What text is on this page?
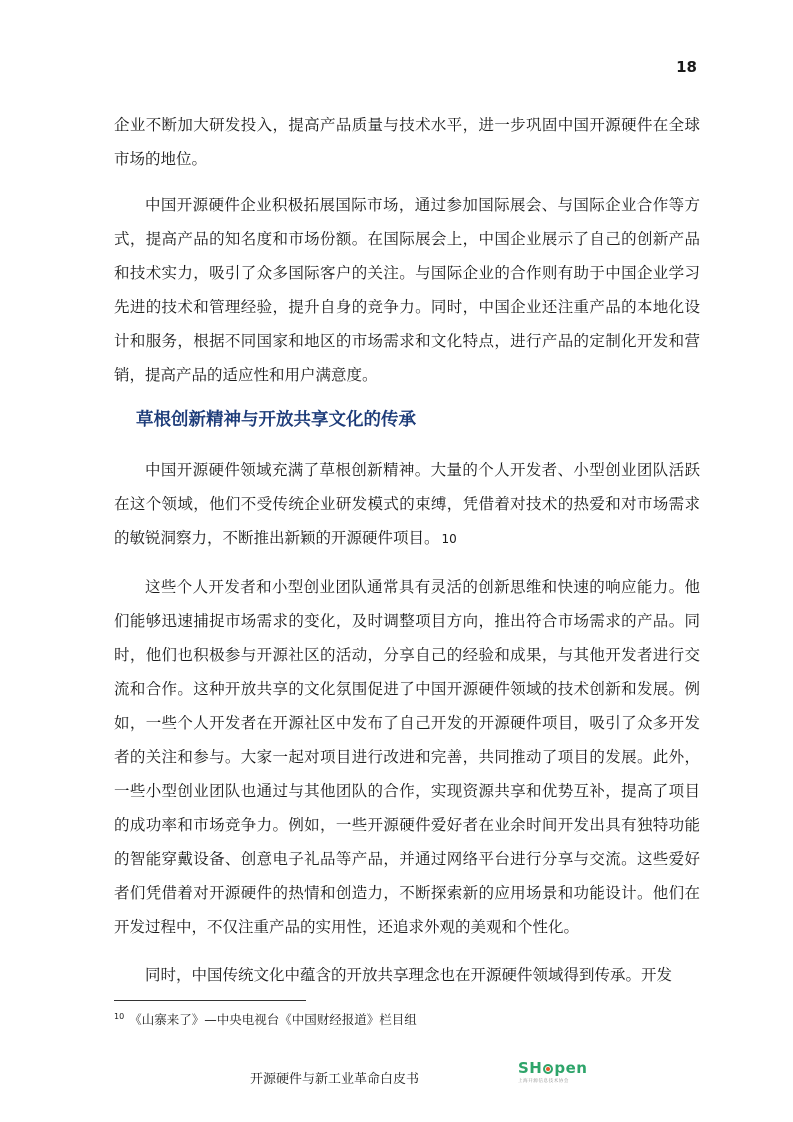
18

企业不断加大研发投入，提高产品质量与技术水平，进一步巩固中国开源硬件在全球市场的地位。

中国开源硬件企业积极拓展国际市场，通过参加国际展会、与国际企业合作等方式，提高产品的知名度和市场份额。在国际展会上，中国企业展示了自己的创新产品和技术实力，吸引了众多国际客户的关注。与国际企业的合作则有助于中国企业学习先进的技术和管理经验，提升自身的竞争力。同时，中国企业还注重产品的本地化设计和服务，根据不同国家和地区的市场需求和文化特点，进行产品的定制化开发和营销，提高产品的适应性和用户满意度。

草根创新精神与开放共享文化的传承

中国开源硬件领域充满了草根创新精神。大量的个人开发者、小型创业团队活跃在这个领域，他们不受传统企业研发模式的束缚，凭借着对技术的热爱和对市场需求的敏锐洞察力，不断推出新颖的开源硬件项目。 10

这些个人开发者和小型创业团队通常具有灵活的创新思维和快速的响应能力。他们能够迅速捕捉市场需求的变化，及时调整项目方向，推出符合市场需求的产品。同时，他们也积极参与开源社区的活动，分享自己的经验和成果，与其他开发者进行交流和合作。这种开放共享的文化氛围促进了中国开源硬件领域的技术创新和发展。例如，一些个人开发者在开源社区中发布了自己开发的开源硬件项目，吸引了众多开发者的关注和参与。大家一起对项目进行改进和完善，共同推动了项目的发展。此外，一些小型创业团队也通过与其他团队的合作，实现资源共享和优势互补，提高了项目的成功率和市场竞争力。例如，一些开源硬件爱好者在业余时间开发出具有独特功能的智能穿戴设备、创意电子礼品等产品，并通过网络平台进行分享与交流。这些爱好者们凭借着对开源硬件的热情和创造力，不断探索新的应用场景和功能设计。他们在开发过程中，不仅注重产品的实用性，还追求外观的美观和个性化。

同时，中国传统文化中蕴含的开放共享理念也在开源硬件领域得到传承。开发

$^{10}$ 《山寨来了》—中央电视台《中国财经报道》栏目组
开源硬件与新工业革命白皮书
SH pen
上海开源信息技术协会
